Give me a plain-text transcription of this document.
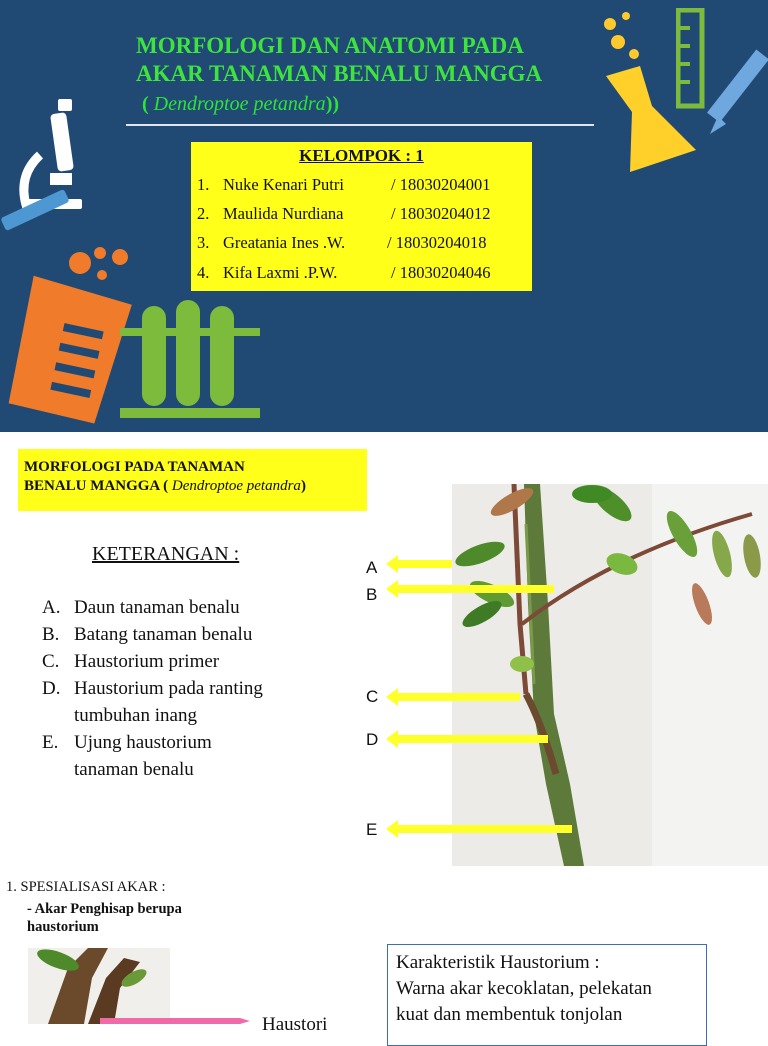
MORFOLOGI DAN ANATOMI PADA
AKAR TANAMAN BENALU MANGGA
( Dendroptoe petandra))
KELOMPOK : 1
1. Nuke Kenari Putri	/ 18030204001
2. Maulida Nurdiana	/ 18030204012
3. Greatania Ines .W.	/ 18030204018
4. Kifa Laxmi .P.W.	/ 18030204046
MORFOLOGI PADA TANAMAN
BENALU MANGGA ( Dendroptoe petandra)
KETERANGAN :
A. Daun tanaman benalu
B. Batang tanaman benalu
C. Haustorium primer
D. Haustorium pada ranting
tumbuhan inang
E. Ujung haustorium
tanaman benalu
A
B
C
D
E
1. SPESIALISASI AKAR :
- Akar Penghisap berupa
haustorium
Haustori

Karakteristik Haustorium :

Warna akar kecoklatan, pelekatan

kuat dan membentuk tonjolan
